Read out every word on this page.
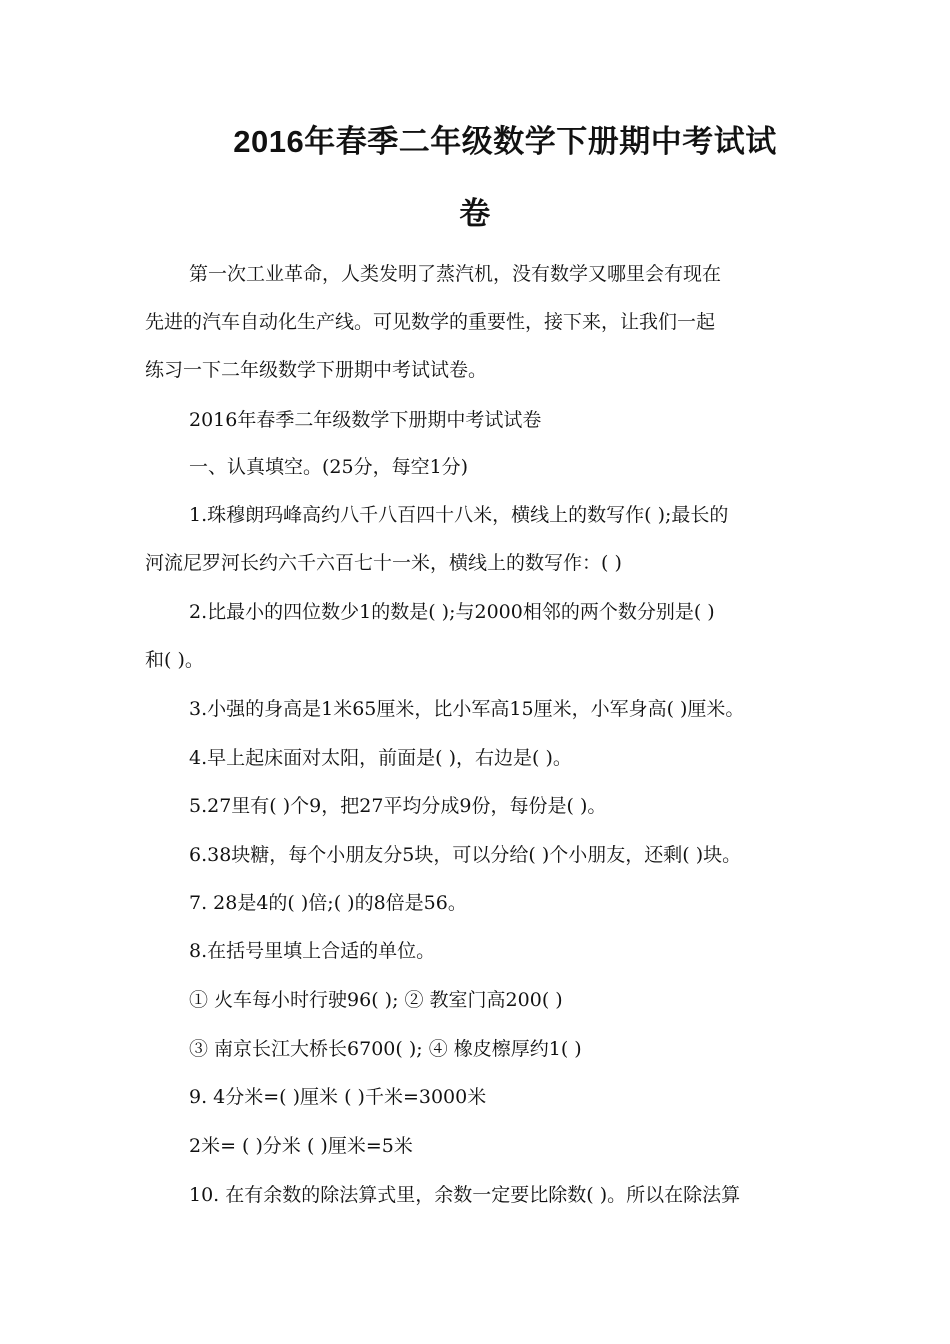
2016年春季二年级数学下册期中考试试
卷
第一次工业革命，人类发明了蒸汽机，没有数学又哪里会有现在
先进的汽车自动化生产线。可见数学的重要性，接下来，让我们一起
练习一下二年级数学下册期中考试试卷。
2016年春季二年级数学下册期中考试试卷
一、认真填空。(25分，每空1分)
1.珠穆朗玛峰高约八千八百四十八米，横线上的数写作( );最长的
河流尼罗河长约六千六百七十一米，横线上的数写作：( )
2.比最小的四位数少1的数是( );与2000相邻的两个数分别是( )
和( )。
3.小强的身高是1米65厘米，比小军高15厘米，小军身高( )厘米。
4.早上起床面对太阳，前面是( )，右边是( )。
5.27里有( )个9，把27平均分成9份，每份是( )。
6.38块糖，每个小朋友分5块，可以分给( )个小朋友，还剩( )块。
7. 28是4的( )倍;( )的8倍是56。
8.在括号里填上合适的单位。
① 火车每小时行驶96( ); ② 教室门高200( )
③ 南京长江大桥长6700( ); ④ 橡皮檫厚约1( )
9. 4分米=( )厘米 ( )千米=3000米
2米= ( )分米 ( )厘米=5米
10. 在有余数的除法算式里，余数一定要比除数( )。所以在除法算
